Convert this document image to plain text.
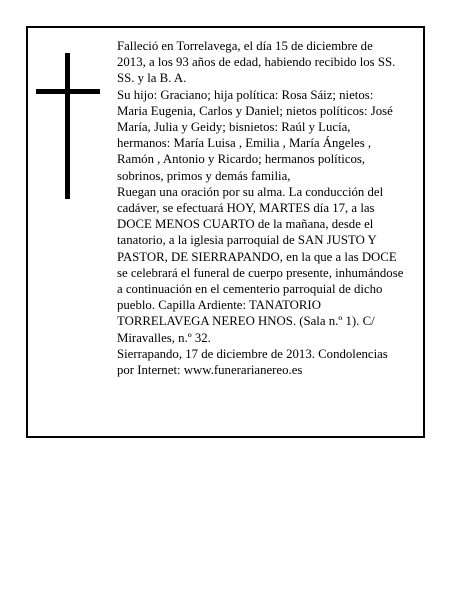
Falleció en Torrelavega, el día 15 de diciembre de
2013, a los 93 años de edad, habiendo recibido los SS.
SS. y la B. A.

Su hijo: Graciano; hija política: Rosa Sáiz; nietos:
Maria Eugenia, Carlos y Daniel; nietos políticos: José
María, Julia y Geidy; bisnietos: Raúl y Lucía,
hermanos: María Luisa , Emilia , María Ángeles ,
Ramón , Antonio y Ricardo; hermanos políticos,
sobrinos, primos y demás familia,

Ruegan una oración por su alma. La conducción del
cadáver, se efectuará HOY, MARTES día 17, a las
DOCE MENOS CUARTO de la mañana, desde el
tanatorio, a la iglesia parroquial de SAN JUSTO Y
PASTOR, DE SIERRAPANDO, en la que a las DOCE
se celebrará el funeral de cuerpo presente, inhumándose
a continuación en el cementerio parroquial de dicho
pueblo. Capilla Ardiente: TANATORIO
TORRELAVEGA NEREO HNOS. (Sala n.º 1). C/
Miravalles, n.º 32.

Sierrapando, 17 de diciembre de 2013. Condolencias
por Internet: www.funerarianereo.es
